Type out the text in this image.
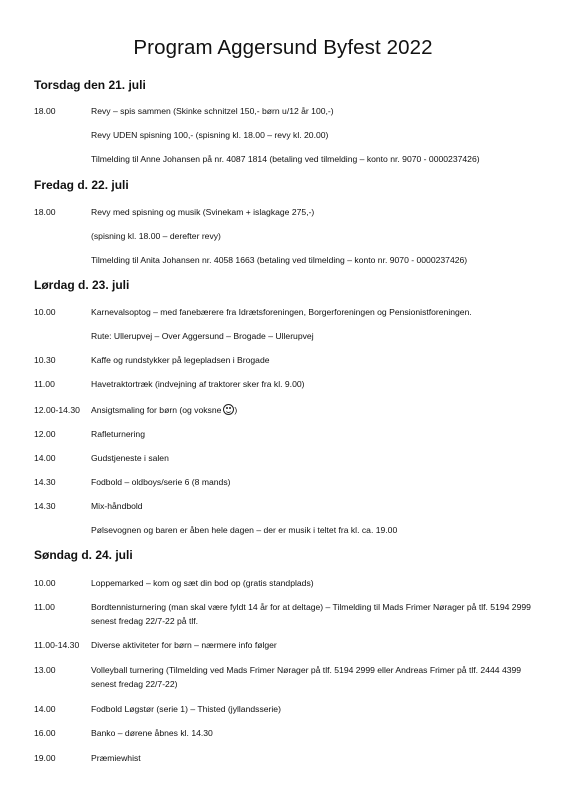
Program Aggersund Byfest 2022
Torsdag den 21. juli
18.00	Revy – spis sammen (Skinke schnitzel 150,- børn u/12 år 100,-)
Revy UDEN spisning 100,- (spisning kl. 18.00 – revy kl. 20.00)
Tilmelding til Anne Johansen på nr. 4087 1814 (betaling ved tilmelding – konto nr. 9070 - 0000237426)
Fredag d. 22. juli
18.00	Revy med spisning og musik (Svinekam + islagkage 275,-)
(spisning kl. 18.00 – derefter revy)
Tilmelding til Anita Johansen nr. 4058 1663 (betaling ved tilmelding – konto nr. 9070 - 0000237426)
Lørdag d. 23. juli
10.00	Karnevalsoptog – med fanebærere fra Idrætsforeningen, Borgerforeningen og Pensionistforeningen.
Rute: Ullerupvej – Over Aggersund – Brogade – Ullerupvej
10.30	Kaffe og rundstykker på legepladsen i Brogade
11.00	Havetraktortræk (indvejning af traktorer sker fra kl. 9.00)
12.00-14.30	Ansigtsmaling for børn (og voksne )
12.00	Rafleturnering
14.00	Gudstjeneste i salen
14.30	Fodbold – oldboys/serie 6 (8 mands)
14.30	Mix-håndbold
Pølsevognen og baren er åben hele dagen – der er musik i teltet fra kl. ca. 19.00
Søndag d. 24. juli
10.00	Loppemarked – kom og sæt din bod op (gratis standplads)
11.00	Bordtennisturnering (man skal være fyldt 14 år for at deltage) – Tilmelding til Mads Frimer Nørager på tlf. 5194 2999 senest fredag 22/7-22 på tlf.
11.00-14.30	Diverse aktiviteter for børn – nærmere info følger
13.00	Volleyball turnering (Tilmelding ved Mads Frimer Nørager på tlf. 5194 2999 eller Andreas Frimer på tlf. 2444 4399 senest fredag 22/7-22)
14.00	Fodbold Løgstør (serie 1) – Thisted (jyllandsserie)
16.00	Banko – dørene åbnes kl. 14.30
19.00	Præmiewhist
